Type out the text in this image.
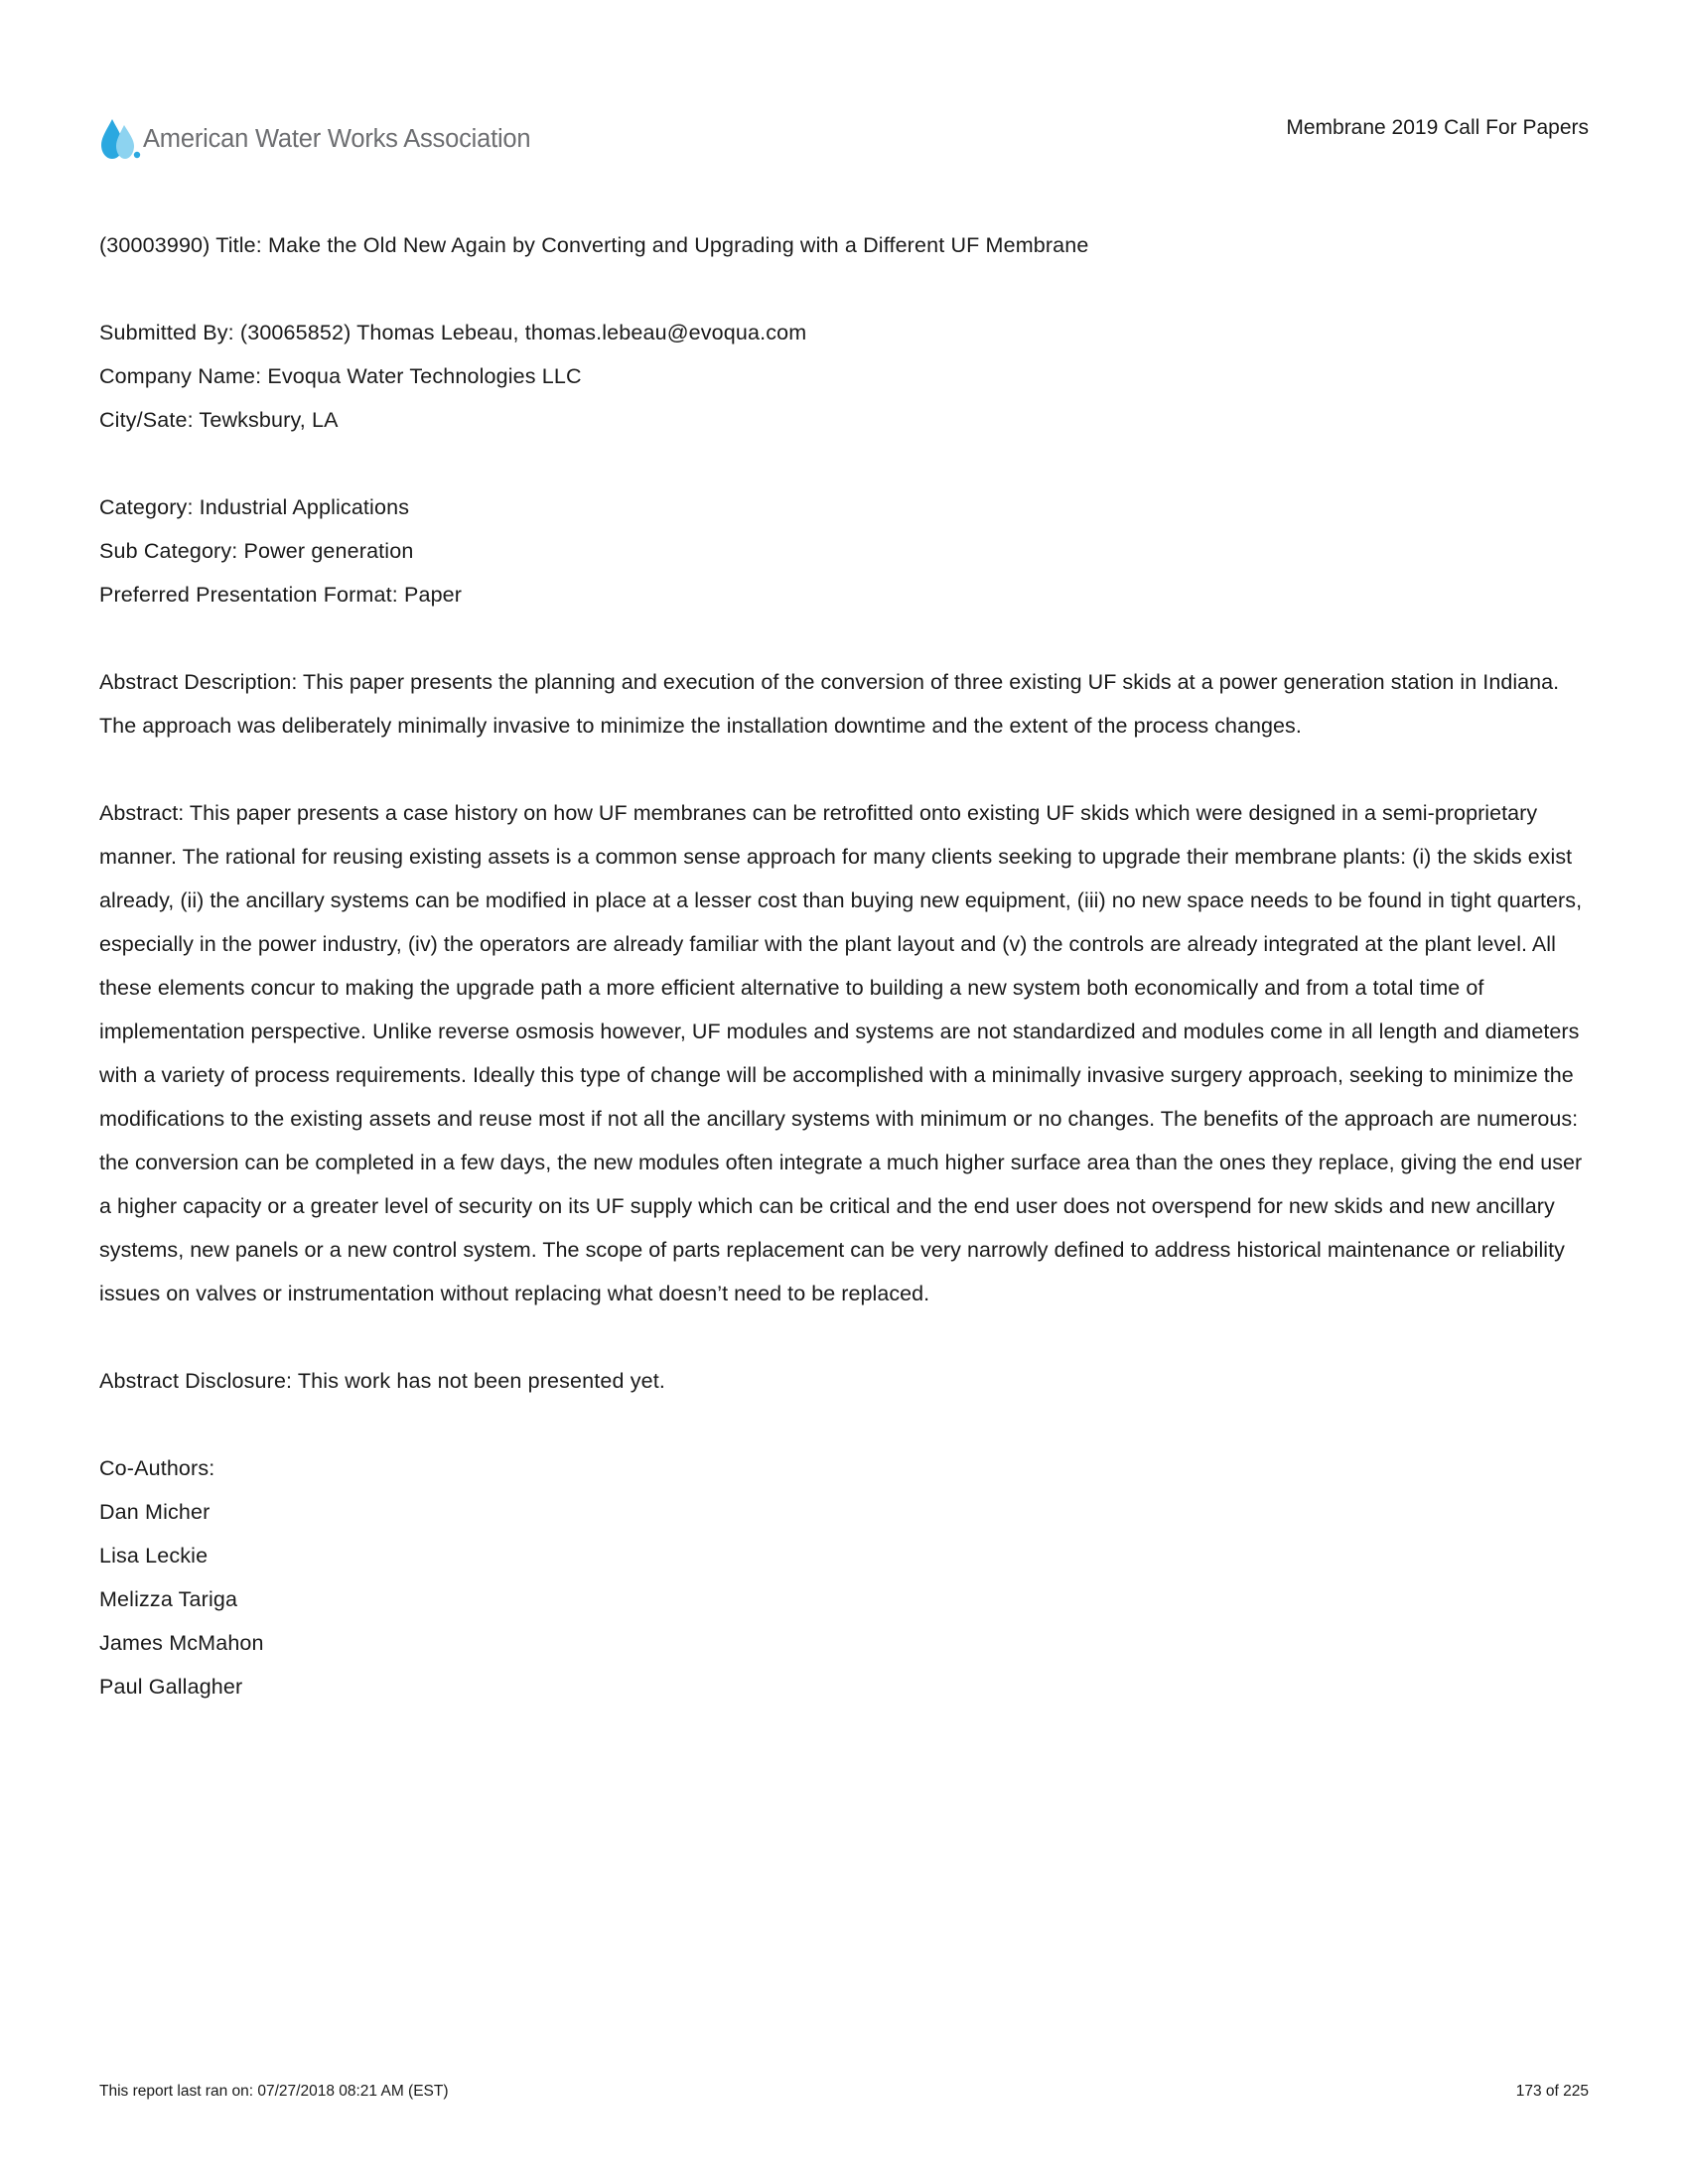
American Water Works Association	Membrane 2019 Call For Papers
(30003990) Title: Make the Old New Again by Converting and Upgrading with a Different UF Membrane
Submitted By: (30065852) Thomas Lebeau, thomas.lebeau@evoqua.com
Company Name: Evoqua Water Technologies LLC
City/Sate: Tewksbury, LA
Category: Industrial Applications
Sub Category: Power generation
Preferred Presentation Format: Paper
Abstract Description: This paper presents the planning and execution of the conversion of three existing UF skids at a power generation station in Indiana. The approach was deliberately minimally invasive to minimize the installation downtime and the extent of the process changes.
Abstract: This paper presents a case history on how UF membranes can be retrofitted onto existing UF skids which were designed in a semi-proprietary manner. The rational for reusing existing assets is a common sense approach for many clients seeking to upgrade their membrane plants: (i) the skids exist already, (ii) the ancillary systems can be modified in place at a lesser cost than buying new equipment, (iii) no new space needs to be found in tight quarters, especially in the power industry, (iv) the operators are already familiar with the plant layout and (v) the controls are already integrated at the plant level. All these elements concur to making the upgrade path a more efficient alternative to building a new system both economically and from a total time of implementation perspective. Unlike reverse osmosis however, UF modules and systems are not standardized and modules come in all length and diameters with a variety of process requirements. Ideally this type of change will be accomplished with a minimally invasive surgery approach, seeking to minimize the modifications to the existing assets and reuse most if not all the ancillary systems with minimum or no changes. The benefits of the approach are numerous: the conversion can be completed in a few days, the new modules often integrate a much higher surface area than the ones they replace, giving the end user a higher capacity or a greater level of security on its UF supply which can be critical and the end user does not overspend for new skids and new ancillary systems, new panels or a new control system. The scope of parts replacement can be very narrowly defined to address historical maintenance or reliability issues on valves or instrumentation without replacing what doesn’t need to be replaced.
Abstract Disclosure: This work has not been presented yet.
Co-Authors:
Dan Micher
Lisa Leckie
Melizza Tariga
James McMahon
Paul Gallagher
This report last ran on: 07/27/2018 08:21 AM (EST)	173 of 225
